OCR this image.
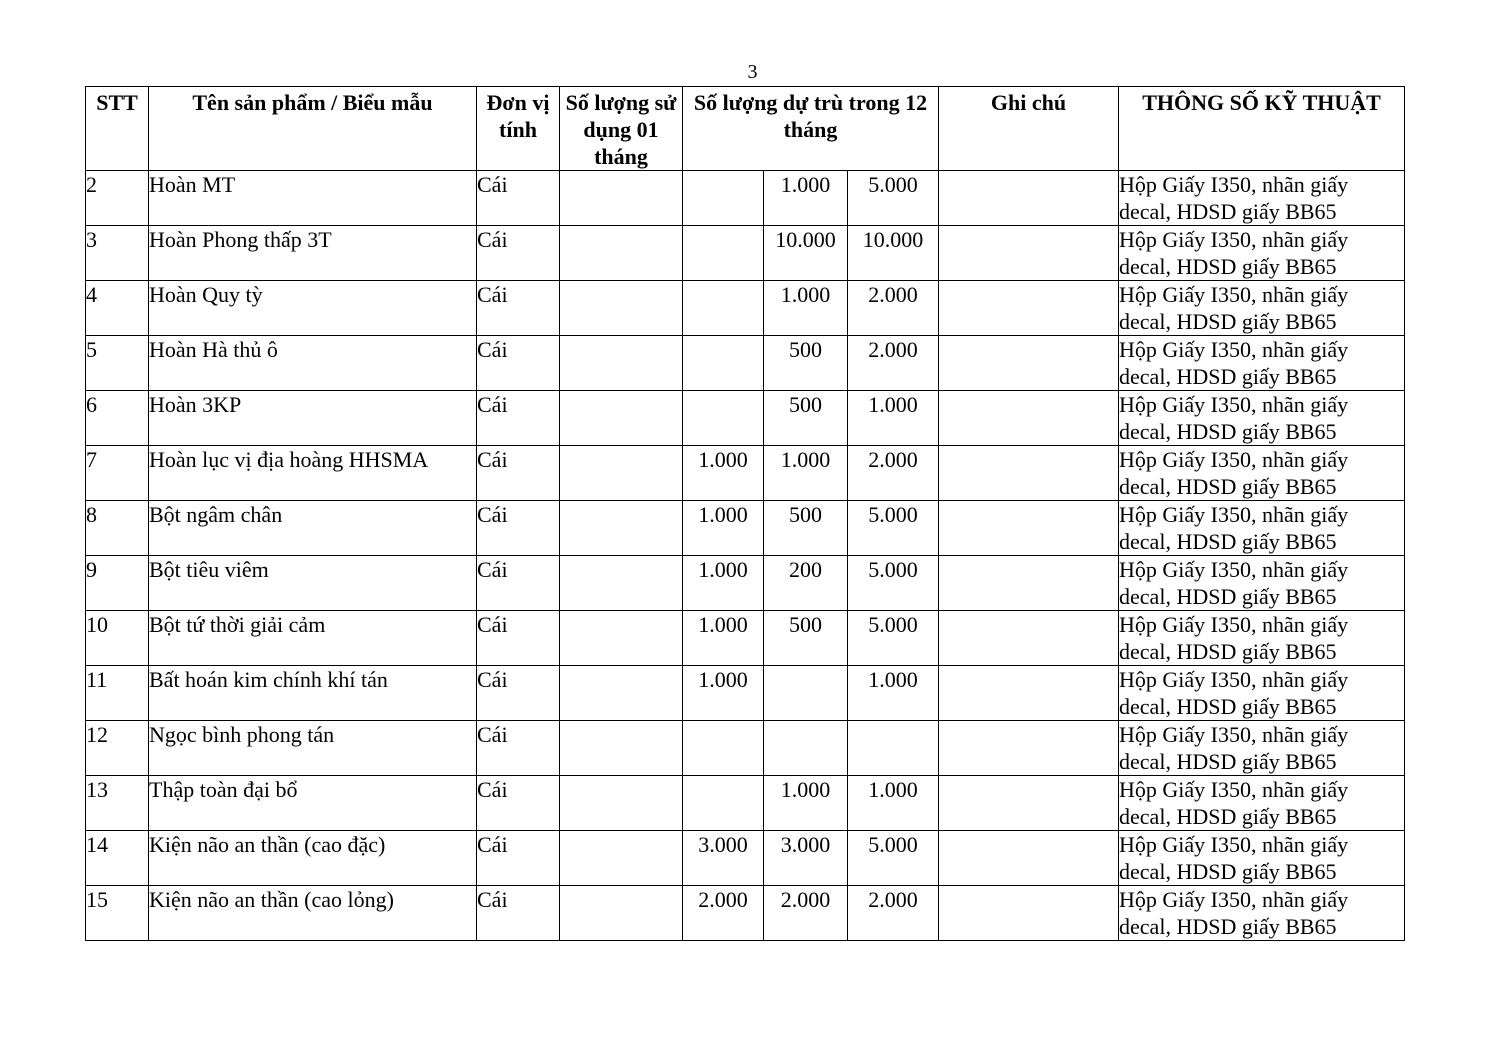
3
STT	Tên sản phẩm / Biểu mẫu	Đơn vị tính	Số lượng sử dụng 01 tháng	Số lượng dự trù trong 12 tháng			Ghi chú	THÔNG SỐ KỸ THUẬT
2	Hoàn MT	Cái			1.000	5.000		Hộp Giấy I350, nhãn giấy decal, HDSD giấy BB65
3	Hoàn Phong thấp 3T	Cái			10.000	10.000		Hộp Giấy I350, nhãn giấy decal, HDSD giấy BB65
4	Hoàn Quy tỳ	Cái			1.000	2.000		Hộp Giấy I350, nhãn giấy decal, HDSD giấy BB65
5	Hoàn Hà thủ ô	Cái			500	2.000		Hộp Giấy I350, nhãn giấy decal, HDSD giấy BB65
6	Hoàn 3KP	Cái			500	1.000		Hộp Giấy I350, nhãn giấy decal, HDSD giấy BB65
7	Hoàn lục vị địa hoàng HHSMA	Cái		1.000	1.000	2.000		Hộp Giấy I350, nhãn giấy decal, HDSD giấy BB65
8	Bột ngâm chân	Cái		1.000	500	5.000		Hộp Giấy I350, nhãn giấy decal, HDSD giấy BB65
9	Bột tiêu viêm	Cái		1.000	200	5.000		Hộp Giấy I350, nhãn giấy decal, HDSD giấy BB65
10	Bột tứ thời giải cảm	Cái		1.000	500	5.000		Hộp Giấy I350, nhãn giấy decal, HDSD giấy BB65
11	Bất hoán kim chính khí tán	Cái		1.000		1.000		Hộp Giấy I350, nhãn giấy decal, HDSD giấy BB65
12	Ngọc bình phong tán	Cái						Hộp Giấy I350, nhãn giấy decal, HDSD giấy BB65
13	Thập toàn đại bổ	Cái			1.000	1.000		Hộp Giấy I350, nhãn giấy decal, HDSD giấy BB65
14	Kiện não an thần (cao đặc)	Cái		3.000	3.000	5.000		Hộp Giấy I350, nhãn giấy decal, HDSD giấy BB65
15	Kiện não an thần (cao lỏng)	Cái		2.000	2.000	2.000		Hộp Giấy I350, nhãn giấy decal, HDSD giấy BB65
